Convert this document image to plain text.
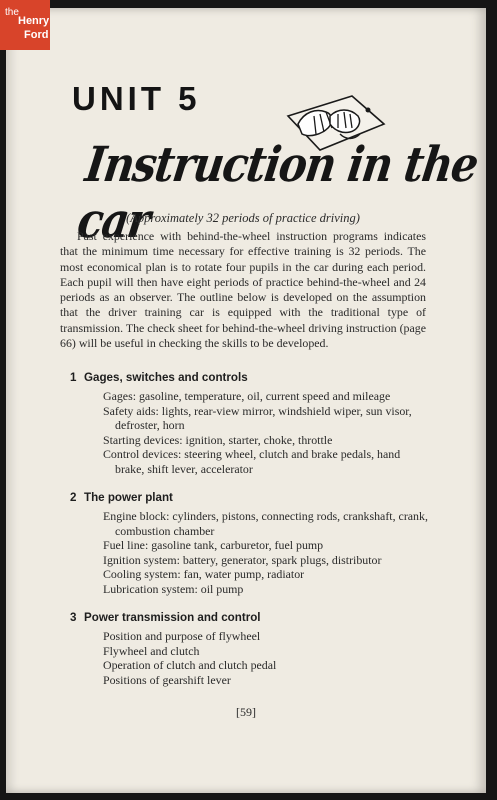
the
Henry
Ford
UNIT 5
Instruction in the car

(Approximately 32 periods of practice driving)

Past experience with behind-the-wheel instruction programs indicates that the minimum time necessary for effective training is 32 periods. The most economical plan is to rotate four pupils in the car during each period. Each pupil will then have eight periods of practice behind-the-wheel and 24 periods as an observer. The outline below is developed on the assumption that the driver training car is equipped with the traditional type of transmission. The check sheet for behind-the-wheel driving instruction (page 66) will be useful in checking the skills to be developed.

1 Gages, switches and controls
Gages: gasoline, temperature, oil, current speed and mileage
Safety aids: lights, rear-view mirror, windshield wiper, sun visor, defroster, horn
Starting devices: ignition, starter, choke, throttle
Control devices: steering wheel, clutch and brake pedals, hand brake, shift lever, accelerator
2 The power plant
Engine block: cylinders, pistons, connecting rods, crankshaft, crank, combustion chamber
Fuel line: gasoline tank, carburetor, fuel pump
Ignition system: battery, generator, spark plugs, distributor
Cooling system: fan, water pump, radiator
Lubrication system: oil pump
3 Power transmission and control
Position and purpose of flywheel
Flywheel and clutch
Operation of clutch and clutch pedal
Positions of gearshift lever
[59]
